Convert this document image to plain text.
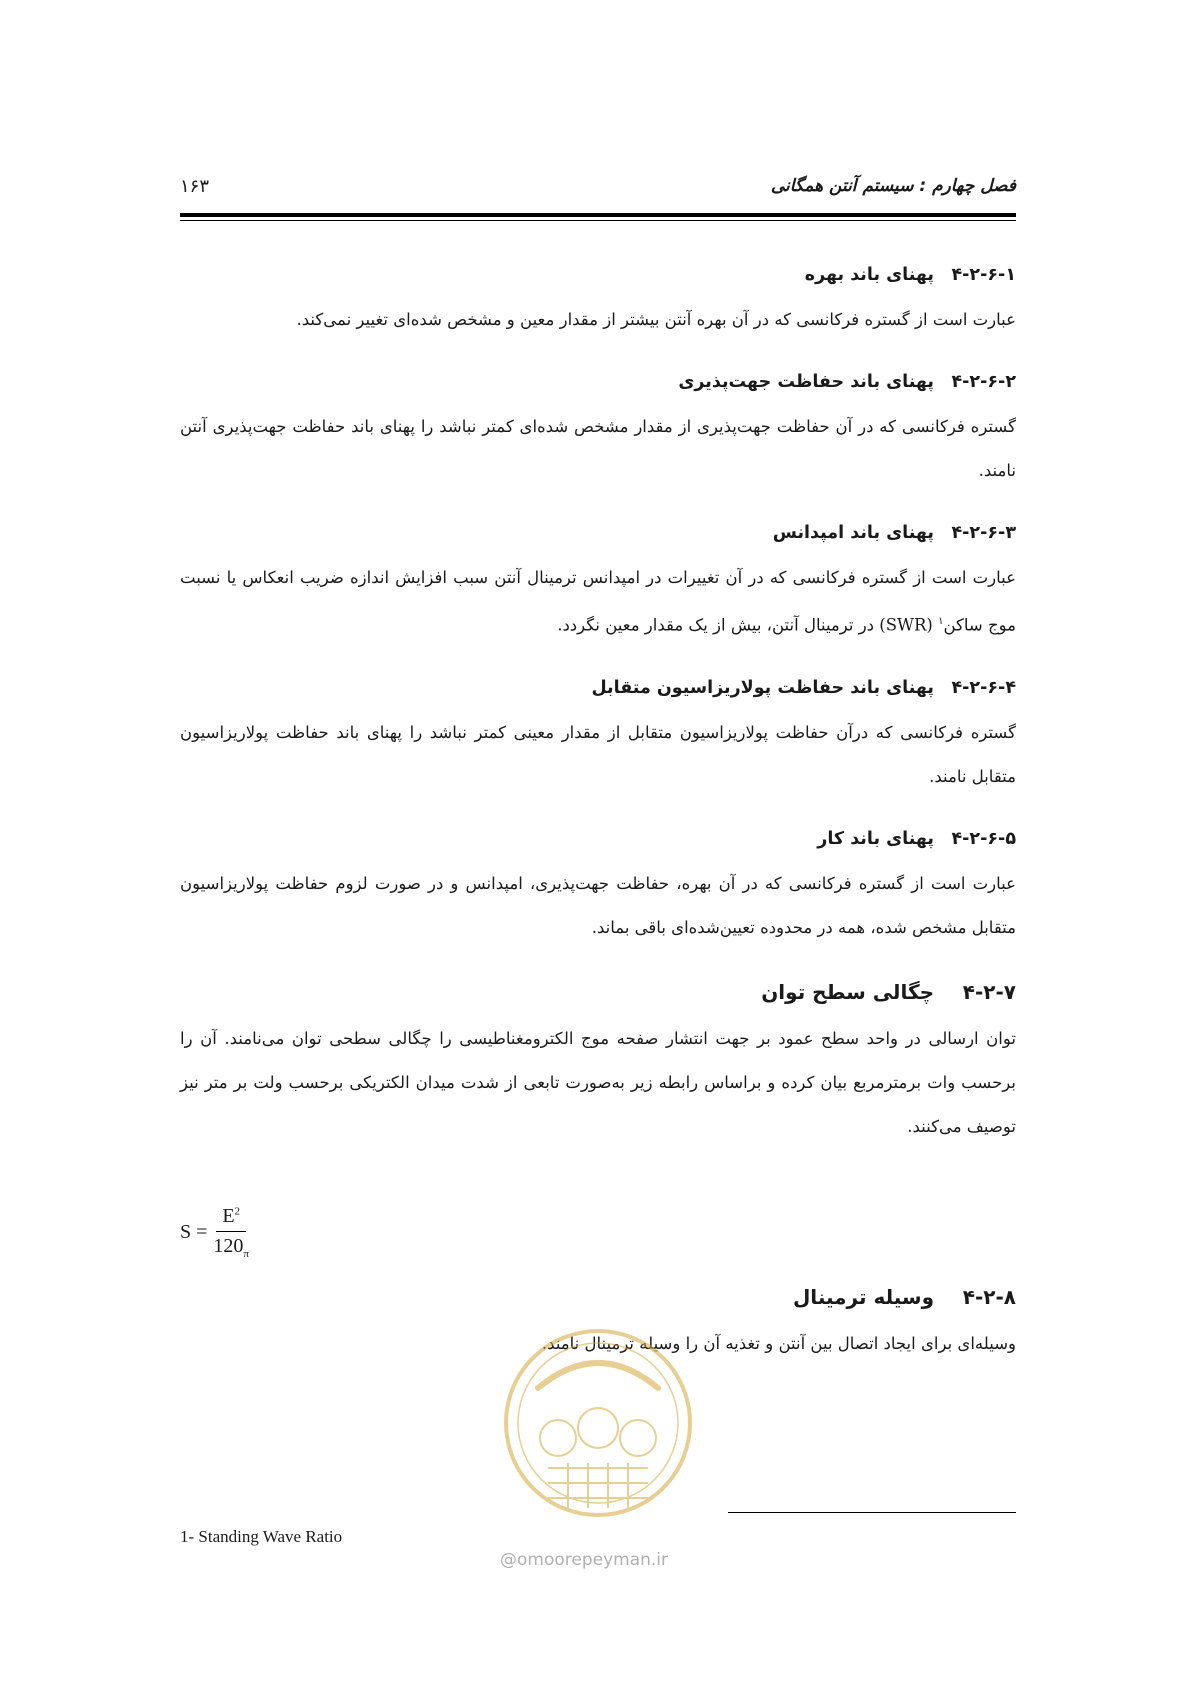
فصل چهارم : سیستم آنتن همگانی
۱۶۳
۴-۲-۶-۱
پهنای باند بهره

عبارت است از گستره فرکانسی که در آن بهره آنتن بیشتر از مقدار معین و مشخص شده‌ای تغییر نمی‌کند.

۴-۲-۶-۲
پهنای باند حفاظت جهت‌پذیری

گستره فرکانسی که در آن حفاظت جهت‌پذیری از مقدار مشخص شده‌ای کمتر نباشد را پهنای باند حفاظت جهت‌پذیری آنتن نامند.

۴-۲-۶-۳
پهنای باند امپدانس

عبارت است از گستره فرکانسی که در آن تغییرات در امپدانس ترمینال آنتن سبب افزایش اندازه ضریب انعکاس یا نسبت موج ساکن$^۱$ (SWR) در ترمینال آنتن، بیش از یک مقدار معین نگردد.

۴-۲-۶-۴
پهنای باند حفاظت پولاریزاسیون متقابل

گستره فرکانسی که درآن حفاظت پولاریزاسیون متقابل از مقدار معینی کمتر نباشد را پهنای باند حفاظت پولاریزاسیون متقابل نامند.

۴-۲-۶-۵
پهنای باند کار

عبارت است از گستره فرکانسی که در آن بهره، حفاظت جهت‌پذیری، امپدانس و در صورت لزوم حفاظت پولاریزاسیون متقابل مشخص شده، همه در محدوده تعیین‌شده‌ای باقی بماند.

۴-۲-۷
چگالی سطح توان

توان ارسالی در واحد سطح عمود بر جهت انتشار صفحه موج الکترومغناطیسی را چگالی سطحی توان می‌نامند. آن را برحسب وات برمترمربع بیان کرده و براساس رابطه زیر به‌صورت تابعی از شدت میدان الکتریکی برحسب ولت بر متر نیز توصیف می‌کنند.

$S = \frac{E^2}{120_\pi}$
۴-۲-۸
وسیله ترمینال

وسیله‌ای برای ایجاد اتصال بین آنتن و تغذیه آن را وسیله ترمینال نامند.

@omoorepeyman.ir
1- Standing Wave Ratio
